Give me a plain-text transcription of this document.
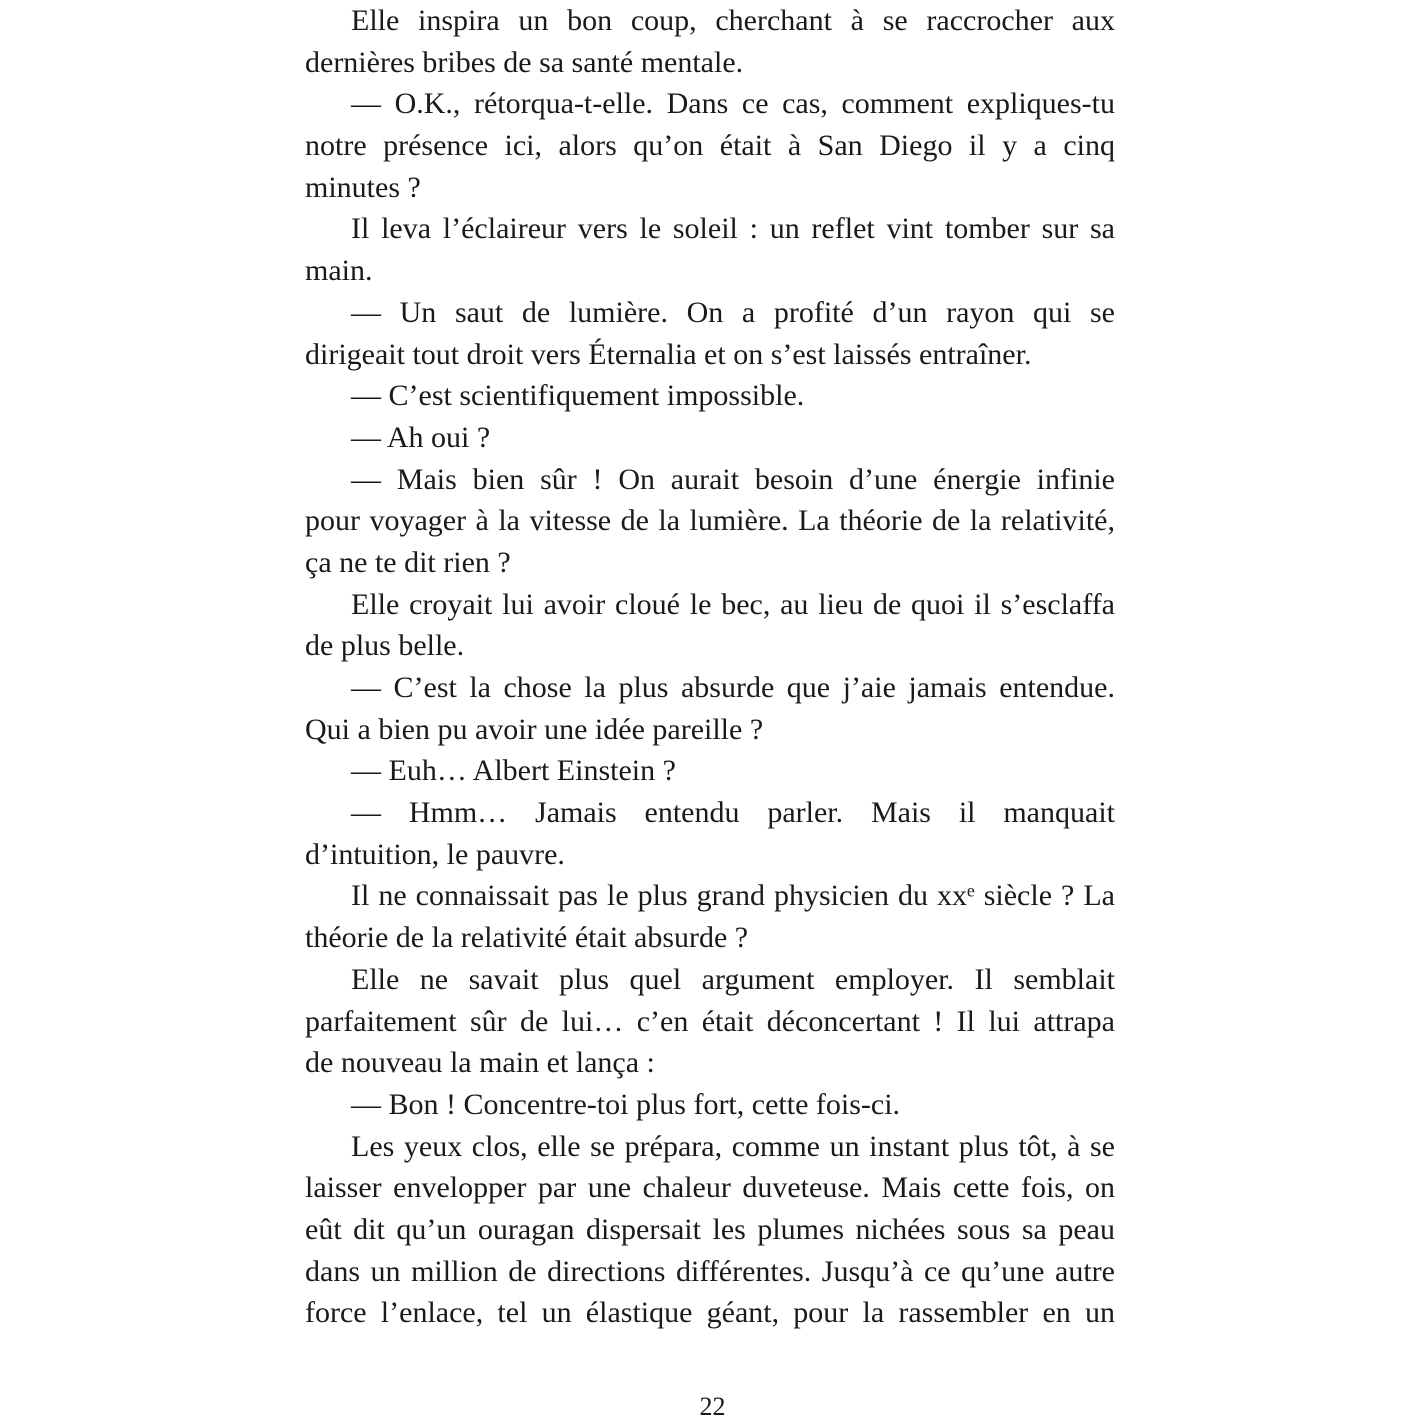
Elle inspira un bon coup, cherchant à se raccrocher aux
dernières bribes de sa santé mentale.
— O.K., rétorqua-t-elle. Dans ce cas, comment expliques-tu
notre présence ici, alors qu’on était à San Diego il y a cinq
minutes ?
Il leva l’éclaireur vers le soleil : un reflet vint tomber sur sa
main.
— Un saut de lumière. On a profité d’un rayon qui se
dirigeait tout droit vers Éternalia et on s’est laissés entraîner.
— C’est scientifiquement impossible.
— Ah oui ?
— Mais bien sûr ! On aurait besoin d’une énergie infinie
pour voyager à la vitesse de la lumière. La théorie de la relativité,
ça ne te dit rien ?
Elle croyait lui avoir cloué le bec, au lieu de quoi il s’esclaffa
de plus belle.
— C’est la chose la plus absurde que j’aie jamais entendue.
Qui a bien pu avoir une idée pareille ?
— Euh… Albert Einstein ?
— Hmm… Jamais entendu parler. Mais il manquait
d’intuition, le pauvre.
Il ne connaissait pas le plus grand physicien du xxᵉ siècle ? La
théorie de la relativité était absurde ?
Elle ne savait plus quel argument employer. Il semblait
parfaitement sûr de lui… c’en était déconcertant ! Il lui attrapa
de nouveau la main et lança :
— Bon ! Concentre-toi plus fort, cette fois-ci.
Les yeux clos, elle se prépara, comme un instant plus tôt, à se
laisser envelopper par une chaleur duveteuse. Mais cette fois, on
eût dit qu’un ouragan dispersait les plumes nichées sous sa peau
dans un million de directions différentes. Jusqu’à ce qu’une autre
force l’enlace, tel un élastique géant, pour la rassembler en un
22
